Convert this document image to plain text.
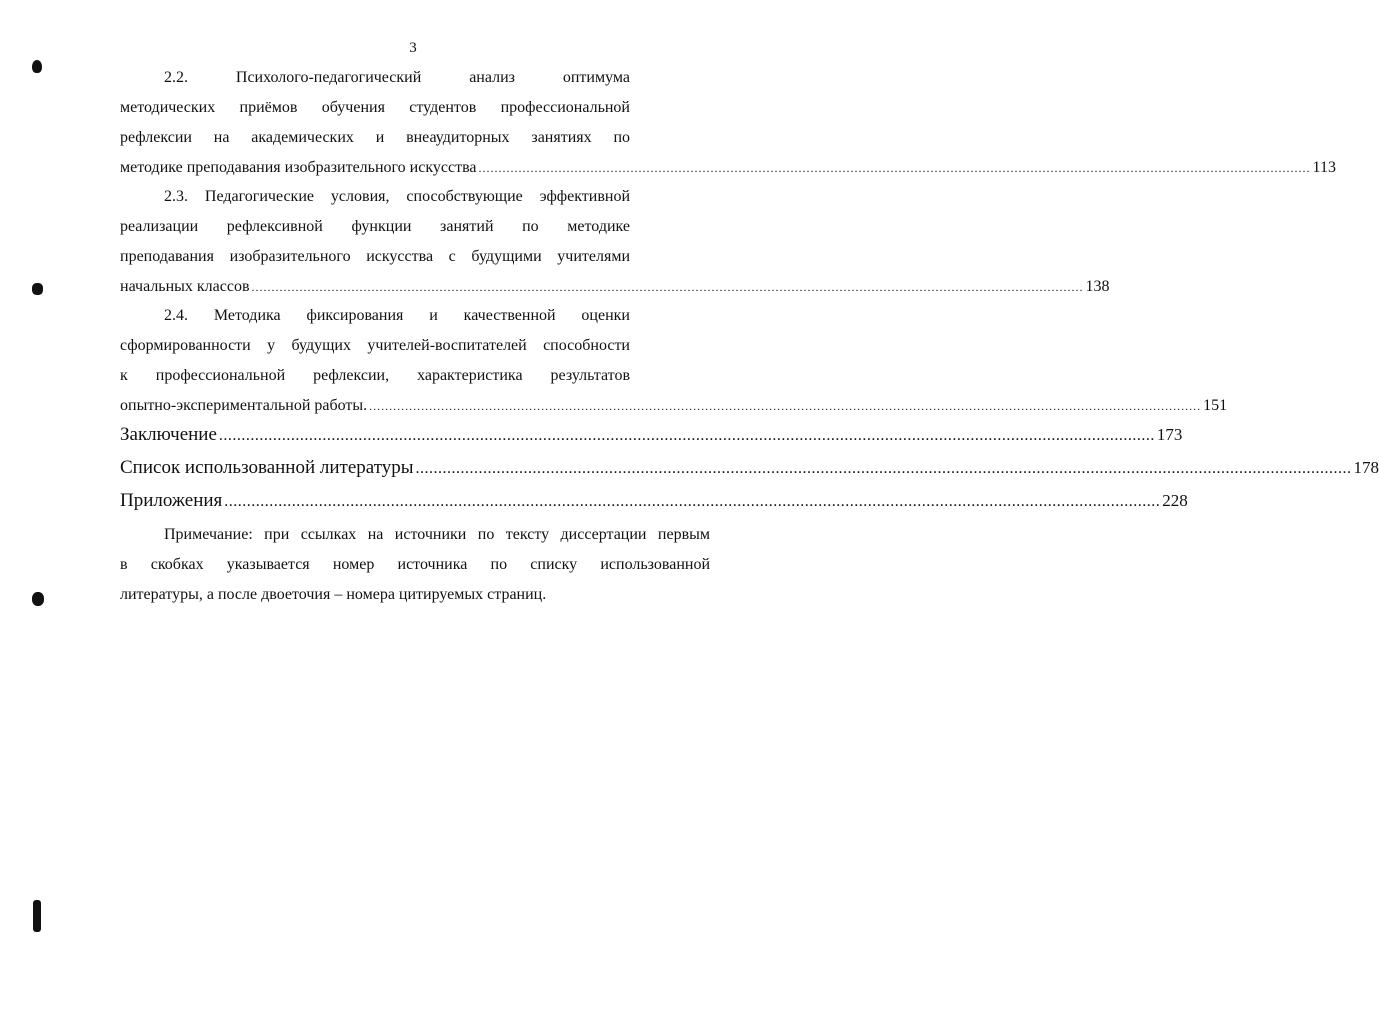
3
2.2. Психолого-педагогический анализ оптимума
методических приёмов обучения студентов профессиональной
рефлексии на академических и внеаудиторных занятиях по
методике преподавания изобразительного искусства ................................................................................................................................................................................................................ 113
2.3. Педагогические условия, способствующие эффективной
реализации рефлексивной функции занятий по методике
преподавания изобразительного искусства с будущими учителями
начальных классов ................................................................................................................................................................................................................ 138
2.4. Методика фиксирования и качественной оценки
сформированности у будущих учителей-воспитателей способности
к профессиональной рефлексии, характеристика результатов
опытно-экспериментальной работы. ................................................................................................................................................................................................................ 151
Заключение ................................................................................................................................................................................................................ 173
Список использованной литературы ................................................................................................................................................................................................................ 178
Приложения ................................................................................................................................................................................................................ 228
Примечание: при ссылках на источники по тексту диссертации первым
в скобках указывается номер источника по списку использованной
литературы, а после двоеточия – номера цитируемых страниц.
